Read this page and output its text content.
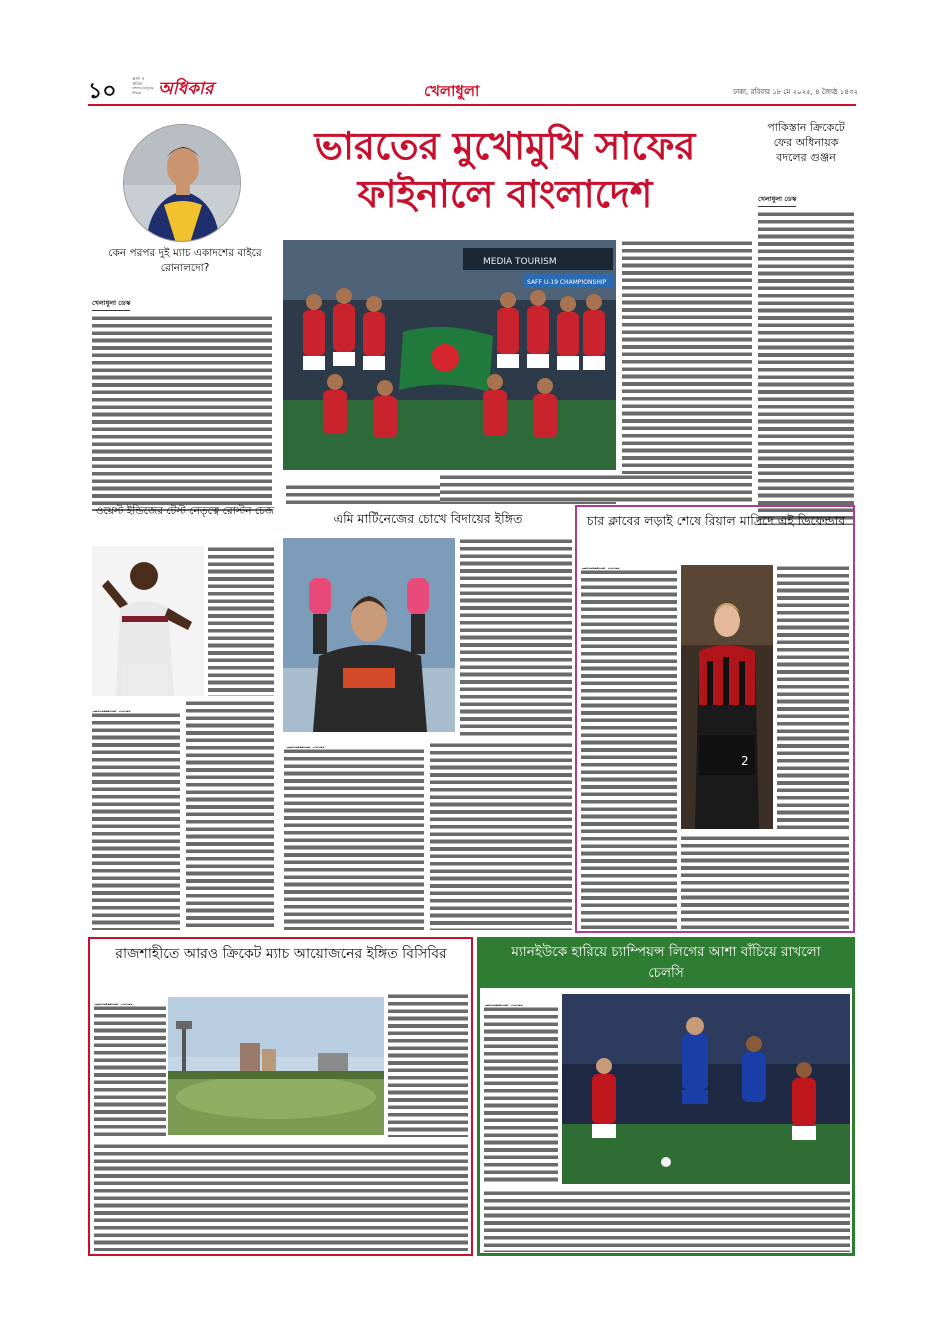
১০	আশা ও ঐতিহ্য
বাংলার মানুষের পত্রিকা অধিকার	খেলাধুলা	ঢাকা, রবিবার ১৮ মে ২০২৫, ৪ জ্যৈষ্ঠ ১৪৩২
কেন পরপর দুই ম্যাচ একাদশের বাইরে রোনালদো?
খেলাধুলা ডেস্ক
ভারতের মুখোমুখি সাফের
ফাইনালে বাংলাদেশ
পাকিস্তান ক্রিকেটে ফের অধিনায়ক বদলের গুঞ্জন
খেলাধুলা ডেস্ক
MEDIA TOURISM
SAFF U-19 CHAMPIONSHIP
ওয়েস্ট ইন্ডিজের টেস্ট নেতৃত্বে রোস্টন চেজ	এমি মার্টিনেজের চোখে বিদায়ের ইঙ্গিত	চার ক্লাবের লড়াই শেষে রিয়াল মাদ্রিদে এই ডিফেন্ডার
2
রাজশাহীতে আরও ক্রিকেট ম্যাচ আয়োজনের ইঙ্গিত বিসিবির	ম্যানইউকে হারিয়ে চ্যাম্পিয়ন্স লিগের আশা বাঁচিয়ে রাখলো চেলসি
